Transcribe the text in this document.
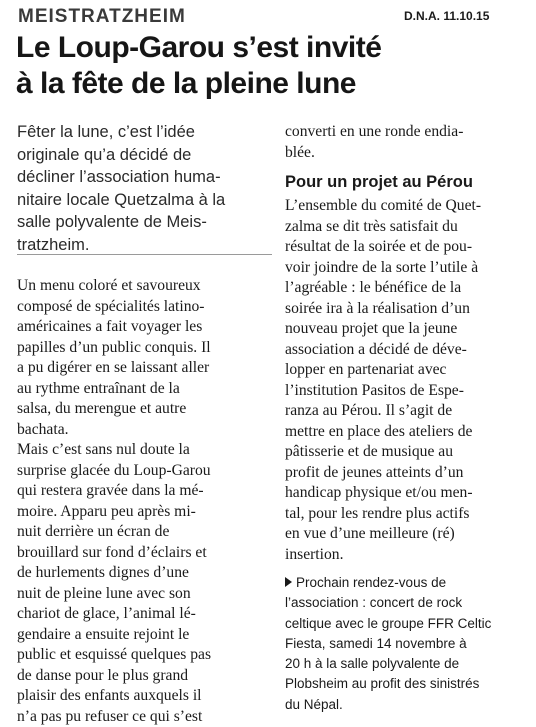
MEISTRATZHEIM	D.N.A. 11.10.15
Le Loup-Garou s’est invité
à la fête de la pleine lune
Fêter la lune, c’est l’idée
originale qu’a décidé de
décliner l’association huma-
nitaire locale Quetzalma à la
salle polyvalente de Meis-
tratzheim.
Un menu coloré et savoureux
composé de spécialités latino-
américaines a fait voyager les
papilles d’un public conquis. Il
a pu digérer en se laissant aller
au rythme entraînant de la
salsa, du merengue et autre
bachata.
Mais c’est sans nul doute la
surprise glacée du Loup-Garou
qui restera gravée dans la mé-
moire. Apparu peu après mi-
nuit derrière un écran de
brouillard sur fond d’éclairs et
de hurlements dignes d’une
nuit de pleine lune avec son
chariot de glace, l’animal lé-
gendaire a ensuite rejoint le
public et esquissé quelques pas
de danse pour le plus grand
plaisir des enfants auxquels il
n’a pas pu refuser ce qui s’est
converti en une ronde endia-
blée.
Pour un projet au Pérou
L’ensemble du comité de Quet-
zalma se dit très satisfait du
résultat de la soirée et de pou-
voir joindre de la sorte l’utile à
l’agréable : le bénéfice de la
soirée ira à la réalisation d’un
nouveau projet que la jeune
association a décidé de déve-
lopper en partenariat avec
l’institution Pasitos de Espe-
ranza au Pérou. Il s’agit de
mettre en place des ateliers de
pâtisserie et de musique au
profit de jeunes atteints d’un
handicap physique et/ou men-
tal, pour les rendre plus actifs
en vue d’une meilleure (ré)
insertion.
Prochain rendez-vous de
l’association : concert de rock
celtique avec le groupe FFR Celtic
Fiesta, samedi 14 novembre à
20 h à la salle polyvalente de
Plobsheim au profit des sinistrés
du Népal.
